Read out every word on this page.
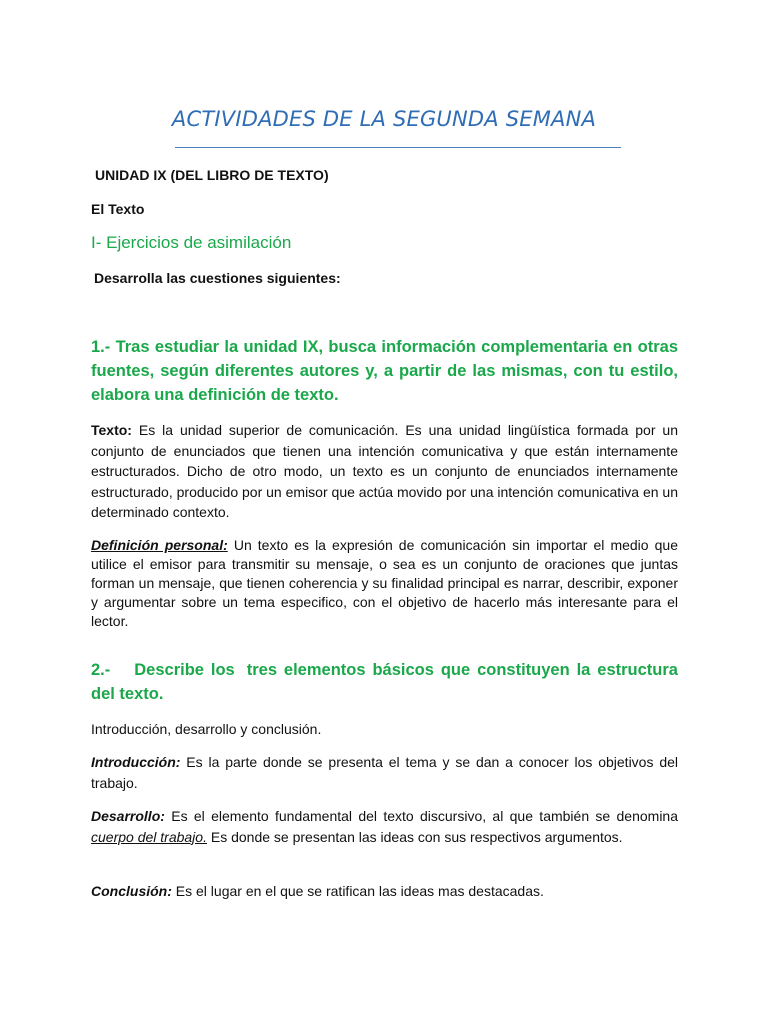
ACTIVIDADES DE LA SEGUNDA SEMANA

UNIDAD IX (DEL LIBRO DE TEXTO)

El Texto

I- Ejercicios de asimilación

Desarrolla las cuestiones siguientes:

1.- Tras estudiar la unidad IX, busca información complementaria en otras fuentes, según diferentes autores y, a partir de las mismas, con tu estilo, elabora una definición de texto.

Texto: Es la unidad superior de comunicación. Es una unidad lingüística formada por un conjunto de enunciados que tienen una intención comunicativa y que están internamente estructurados. Dicho de otro modo, un texto es un conjunto de enunciados internamente estructurado, producido por un emisor que actúa movido por una intención comunicativa en un determinado contexto.

Definición personal: Un texto es la expresión de comunicación sin importar el medio que utilice el emisor para transmitir su mensaje, o sea es un conjunto de oraciones que juntas forman un mensaje, que tienen coherencia y su finalidad principal es narrar, describir, exponer y argumentar sobre un tema especifico, con el objetivo de hacerlo más interesante para el lector.

2.- Describe los tres elementos básicos que constituyen la estructura del texto.

Introducción, desarrollo y conclusión.

Introducción: Es la parte donde se presenta el tema y se dan a conocer los objetivos del trabajo.

Desarrollo: Es el elemento fundamental del texto discursivo, al que también se denomina cuerpo del trabajo. Es donde se presentan las ideas con sus respectivos argumentos.

Conclusión: Es el lugar en el que se ratifican las ideas mas destacadas.
